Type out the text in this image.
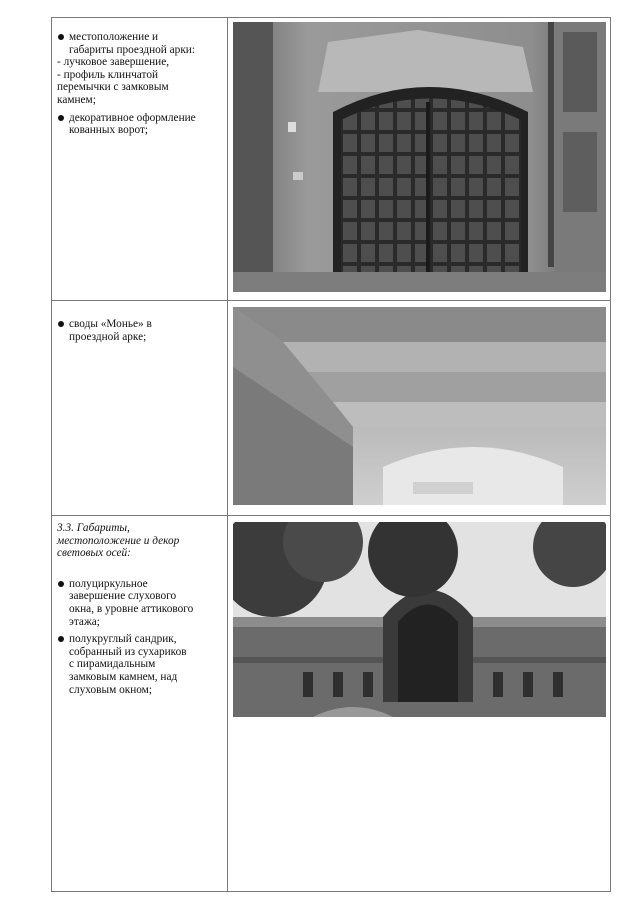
местоположение и
габариты проездной арки:
- лучковое завершение,
- профиль клинчатой
перемычки с замковым
камнем;
декоративное оформление
кованных ворот;
своды «Монье» в
проездной арке;
3.3. Габариты,
местоположение и декор
световых осей:
полуциркульное
завершение слухового
окна, в уровне аттикового
этажа;
полукруглый сандрик,
собранный из сухариков
с пирамидальным
замковым камнем, над
слуховым окном;
